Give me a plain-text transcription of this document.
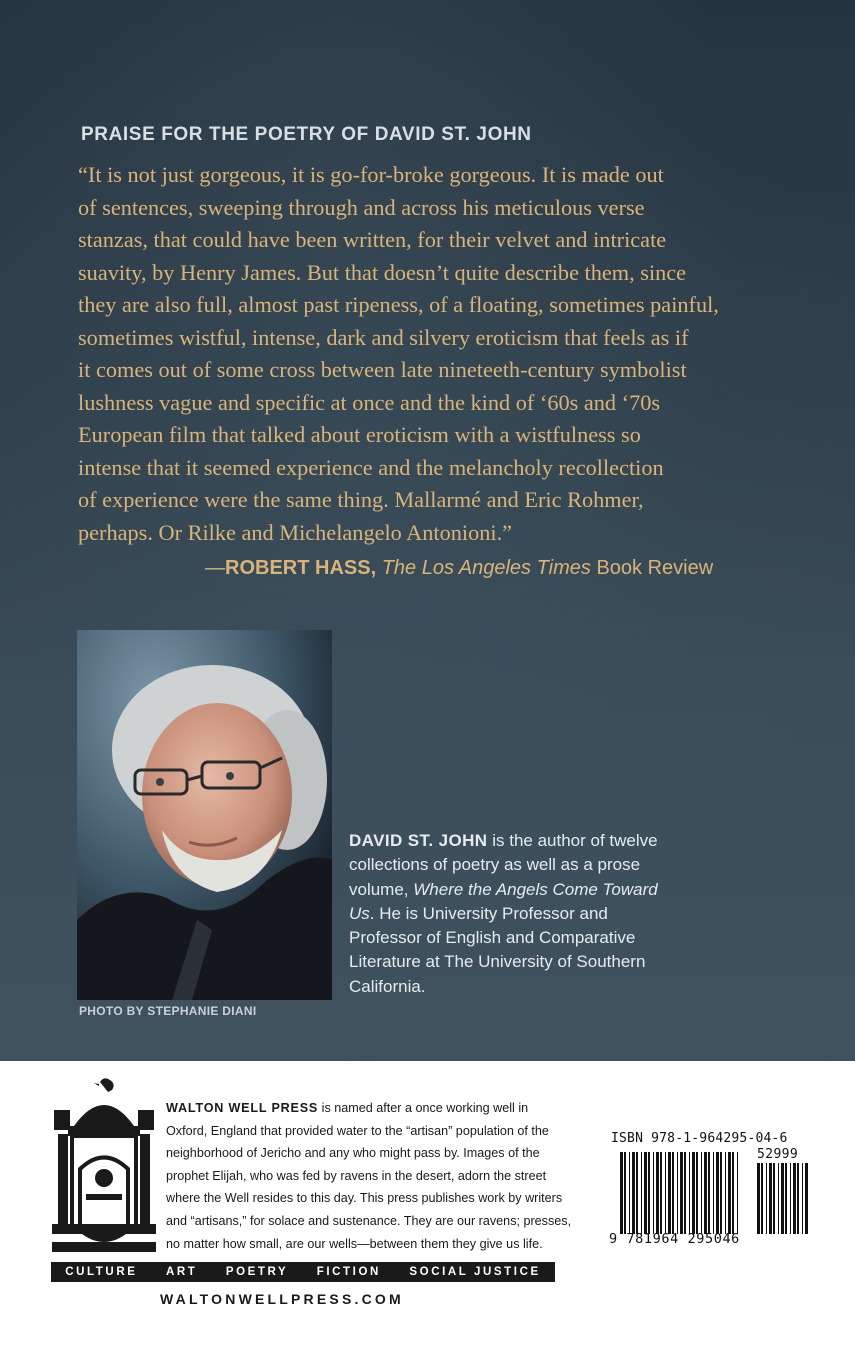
PRAISE FOR THE POETRY OF DAVID ST. JOHN

“It is not just gorgeous, it is go-for-broke gorgeous. It is made out
of sentences, sweeping through and across his meticulous verse
stanzas, that could have been written, for their velvet and intricate
suavity, by Henry James. But that doesn’t quite describe them, since
they are also full, almost past ripeness, of a floating, sometimes painful,
sometimes wistful, intense, dark and silvery eroticism that feels as if
it comes out of some cross between late nineteeth-century symbolist
lushness vague and specific at once and the kind of ‘60s and ‘70s
European film that talked about eroticism with a wistfulness so
intense that it seemed experience and the melancholy recollection
of experience were the same thing. Mallarmé and Eric Rohmer,
perhaps. Or Rilke and Michelangelo Antonioni.”

—ROBERT HASS, The Los Angeles Times Book Review
PHOTO BY STEPHANIE DIANI

DAVID ST. JOHN is the author of twelve collections of poetry as well as a prose volume, Where the Angels Come Toward Us. He is University Professor and Professor of English and Comparative Literature at The University of Southern California.

WALTON WELL PRESS is named after a once working well in
Oxford, England that provided water to the “artisan” population of the
neighborhood of Jericho and any who might pass by. Images of the
prophet Elijah, who was fed by ravens in the desert, adorn the street
where the Well resides to this day. This press publishes work by writers
and “artisans,” for solace and sustenance. They are our ravens; presses,
no matter how small, are our wells—between them they give us life.

CULTURE ART POETRY FICTION SOCIAL JUSTICE
WALTONWELLPRESS.COM
ISBN 978-1-964295-04-6
52999
9 781964 295046
